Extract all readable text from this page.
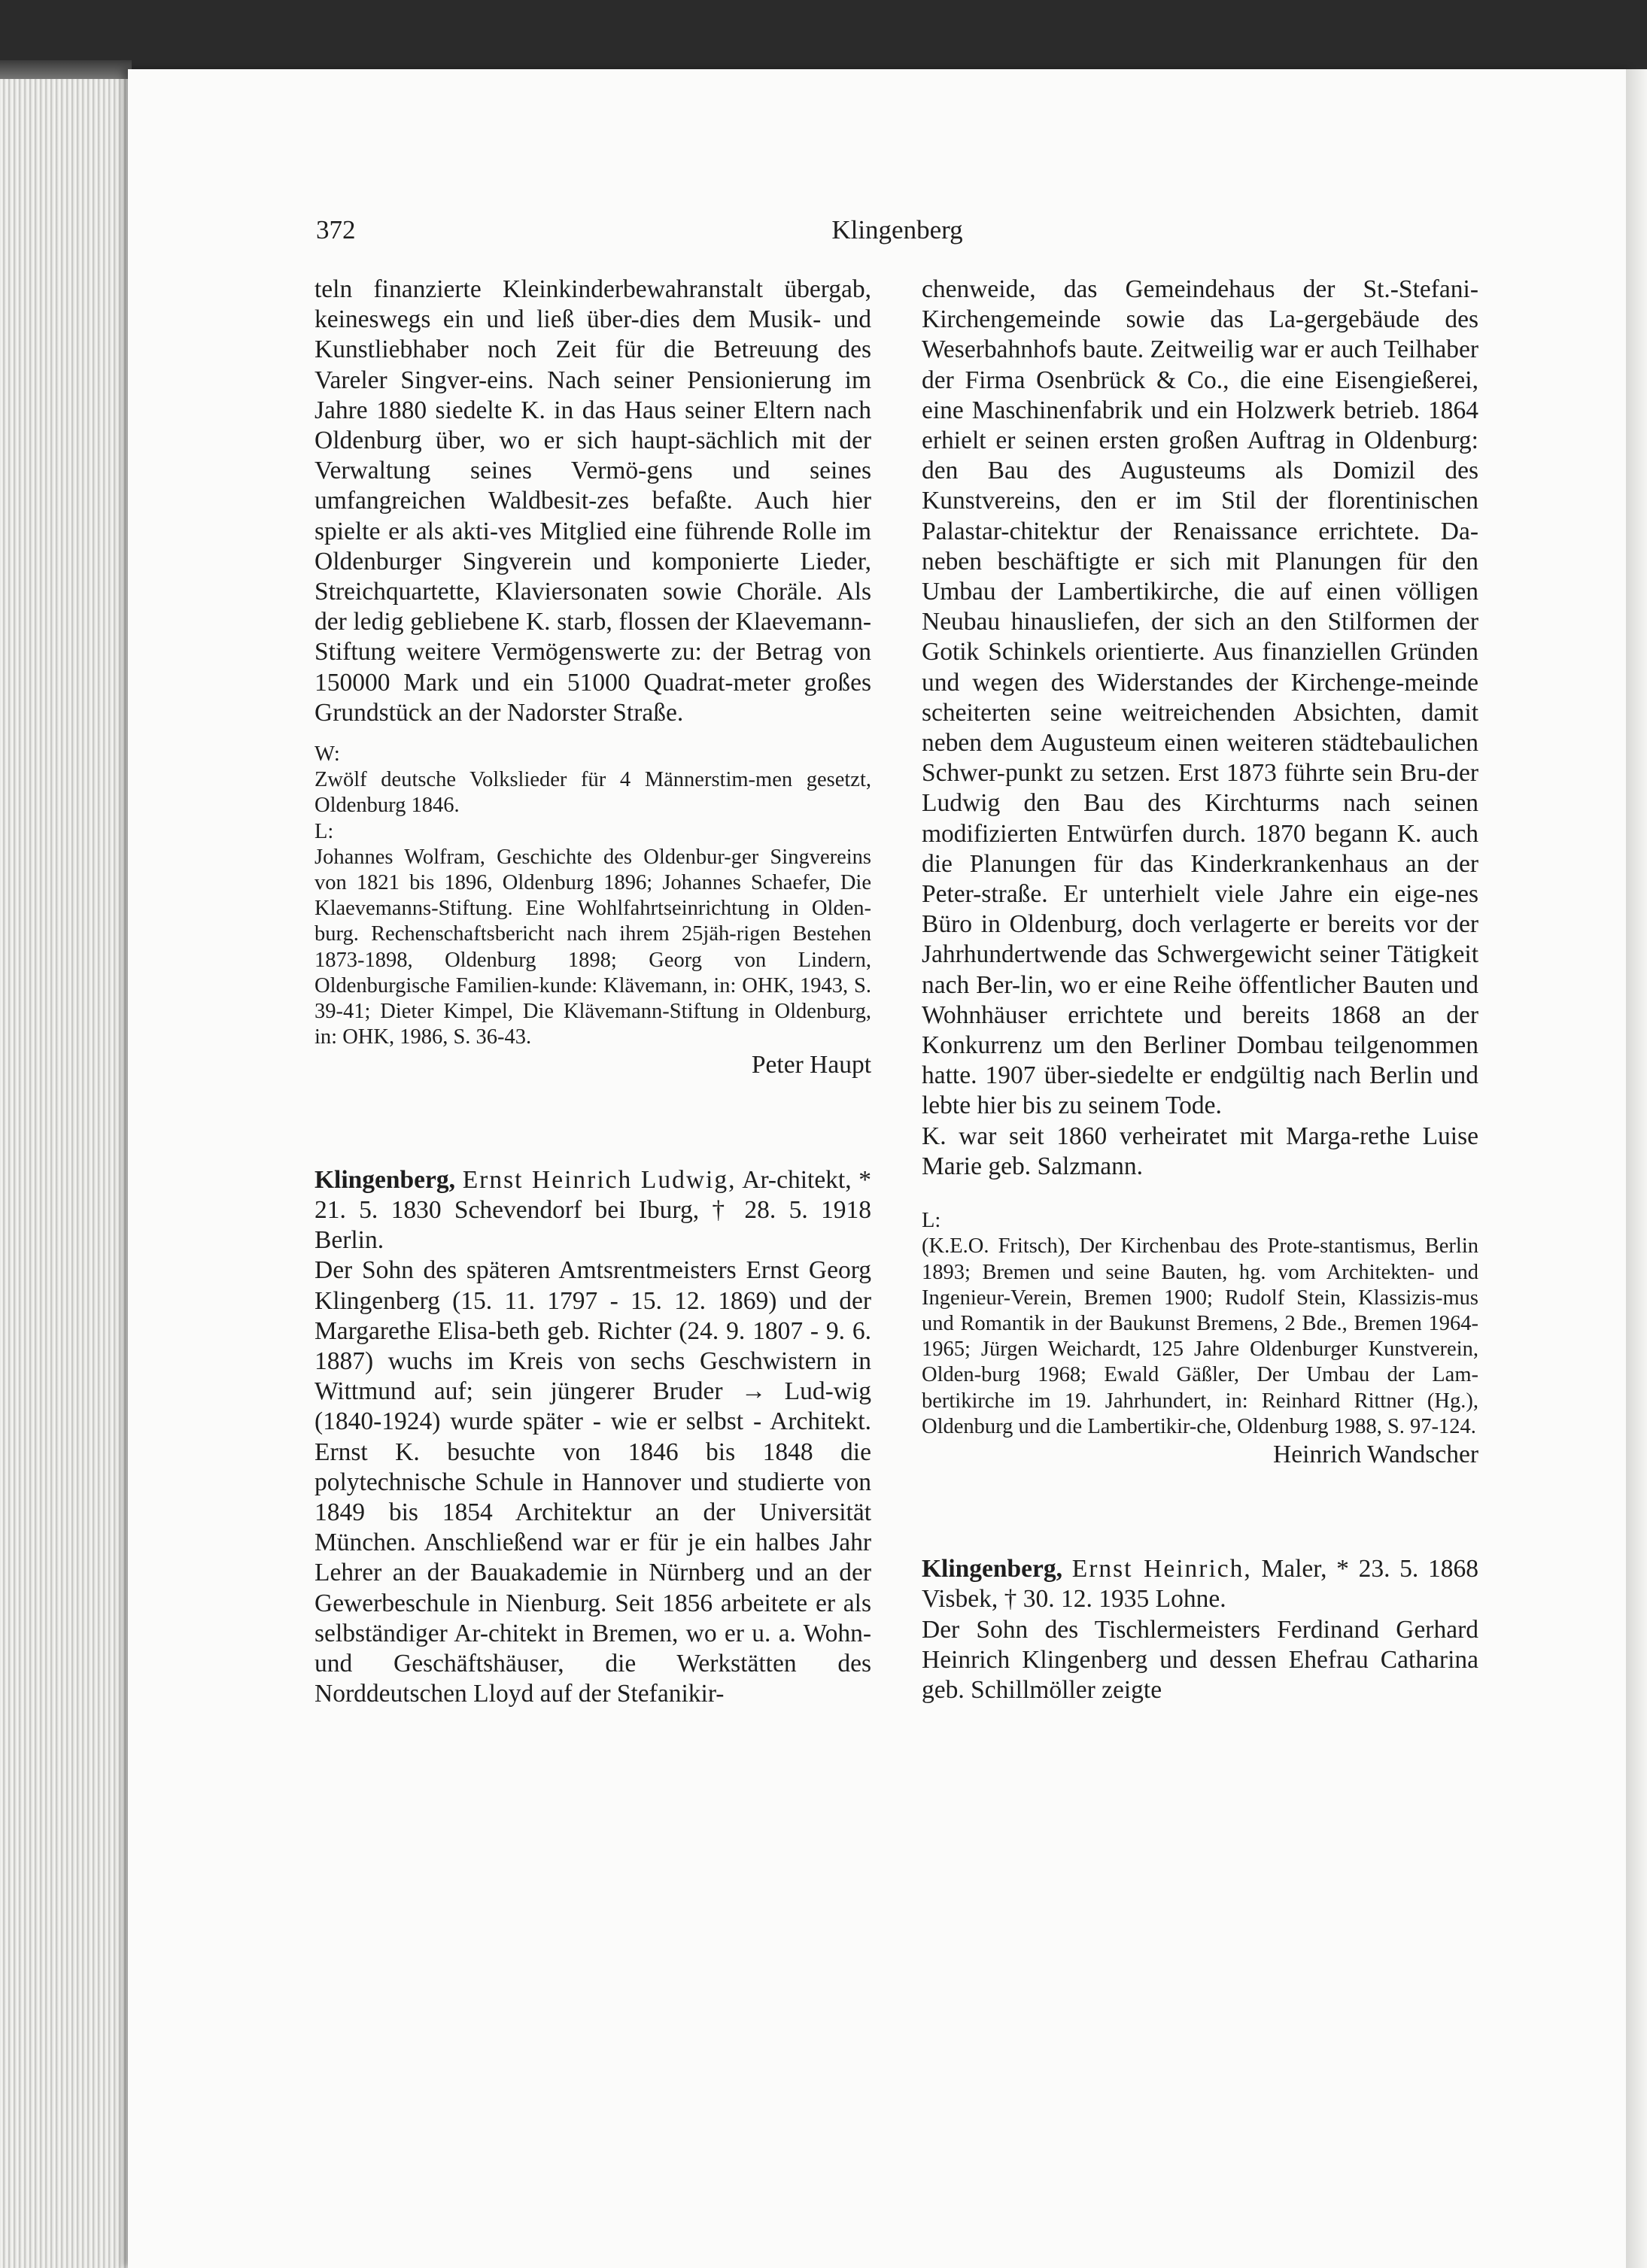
372	Klingenberg

teln finanzierte Kleinkinderbewahranstalt übergab, keineswegs ein und ließ über-dies dem Musik- und Kunstliebhaber noch Zeit für die Betreuung des Vareler Singver-eins. Nach seiner Pensionierung im Jahre 1880 siedelte K. in das Haus seiner Eltern nach Oldenburg über, wo er sich haupt-sächlich mit der Verwaltung seines Vermö-gens und seines umfangreichen Waldbesit-zes befaßte. Auch hier spielte er als akti-ves Mitglied eine führende Rolle im Oldenburger Singverein und komponierte Lieder, Streichquartette, Klaviersonaten sowie Choräle. Als der ledig gebliebene K. starb, flossen der Klaevemann-Stiftung weitere Vermögenswerte zu: der Betrag von 150000 Mark und ein 51000 Quadrat-meter großes Grundstück an der Nadorster Straße.

W:

Zwölf deutsche Volkslieder für 4 Männerstim-men gesetzt, Oldenburg 1846.

L:

Johannes Wolfram, Geschichte des Oldenbur-ger Singvereins von 1821 bis 1896, Oldenburg 1896; Johannes Schaefer, Die Klaevemanns-Stiftung. Eine Wohlfahrtseinrichtung in Olden-burg. Rechenschaftsbericht nach ihrem 25jäh-rigen Bestehen 1873-1898, Oldenburg 1898; Georg von Lindern, Oldenburgische Familien-kunde: Klävemann, in: OHK, 1943, S. 39-41; Dieter Kimpel, Die Klävemann-Stiftung in Oldenburg, in: OHK, 1986, S. 36-43.

Peter Haupt

Klingenberg, Ernst Heinrich Ludwig, Ar-chitekt, * 21. 5. 1830 Schevendorf bei Iburg, † 28. 5. 1918 Berlin.

Der Sohn des späteren Amtsrentmeisters Ernst Georg Klingenberg (15. 11. 1797 - 15. 12. 1869) und der Margarethe Elisa-beth geb. Richter (24. 9. 1807 - 9. 6. 1887) wuchs im Kreis von sechs Geschwistern in Wittmund auf; sein jüngerer Bruder → Lud-wig (1840-1924) wurde später - wie er selbst - Architekt. Ernst K. besuchte von 1846 bis 1848 die polytechnische Schule in Hannover und studierte von 1849 bis 1854 Architektur an der Universität München. Anschließend war er für je ein halbes Jahr Lehrer an der Bauakademie in Nürnberg und an der Gewerbeschule in Nienburg. Seit 1856 arbeitete er als selbständiger Ar-chitekt in Bremen, wo er u. a. Wohn- und Geschäftshäuser, die Werkstätten des Norddeutschen Lloyd auf der Stefanikir-

chenweide, das Gemeindehaus der St.-Stefani-Kirchengemeinde sowie das La-gergebäude des Weserbahnhofs baute. Zeitweilig war er auch Teilhaber der Firma Osenbrück & Co., die eine Eisengießerei, eine Maschinenfabrik und ein Holzwerk betrieb. 1864 erhielt er seinen ersten großen Auftrag in Oldenburg: den Bau des Augusteums als Domizil des Kunstvereins, den er im Stil der florentinischen Palastar-chitektur der Renaissance errichtete. Da-neben beschäftigte er sich mit Planungen für den Umbau der Lambertikirche, die auf einen völligen Neubau hinausliefen, der sich an den Stilformen der Gotik Schinkels orientierte. Aus finanziellen Gründen und wegen des Widerstandes der Kirchenge-meinde scheiterten seine weitreichenden Absichten, damit neben dem Augusteum einen weiteren städtebaulichen Schwer-punkt zu setzen. Erst 1873 führte sein Bru-der Ludwig den Bau des Kirchturms nach seinen modifizierten Entwürfen durch. 1870 begann K. auch die Planungen für das Kinderkrankenhaus an der Peter-straße. Er unterhielt viele Jahre ein eige-nes Büro in Oldenburg, doch verlagerte er bereits vor der Jahrhundertwende das Schwergewicht seiner Tätigkeit nach Ber-lin, wo er eine Reihe öffentlicher Bauten und Wohnhäuser errichtete und bereits 1868 an der Konkurrenz um den Berliner Dombau teilgenommen hatte. 1907 über-siedelte er endgültig nach Berlin und lebte hier bis zu seinem Tode.

K. war seit 1860 verheiratet mit Marga-rethe Luise Marie geb. Salzmann.

L:

(K.E.O. Fritsch), Der Kirchenbau des Prote-stantismus, Berlin 1893; Bremen und seine Bauten, hg. vom Architekten- und Ingenieur-Verein, Bremen 1900; Rudolf Stein, Klassizis-mus und Romantik in der Baukunst Bremens, 2 Bde., Bremen 1964-1965; Jürgen Weichardt, 125 Jahre Oldenburger Kunstverein, Olden-burg 1968; Ewald Gäßler, Der Umbau der Lam-bertikirche im 19. Jahrhundert, in: Reinhard Rittner (Hg.), Oldenburg und die Lambertikir-che, Oldenburg 1988, S. 97-124.

Heinrich Wandscher

Klingenberg, Ernst Heinrich, Maler, * 23. 5. 1868 Visbek, † 30. 12. 1935 Lohne.

Der Sohn des Tischlermeisters Ferdinand Gerhard Heinrich Klingenberg und dessen Ehefrau Catharina geb. Schillmöller zeigte
